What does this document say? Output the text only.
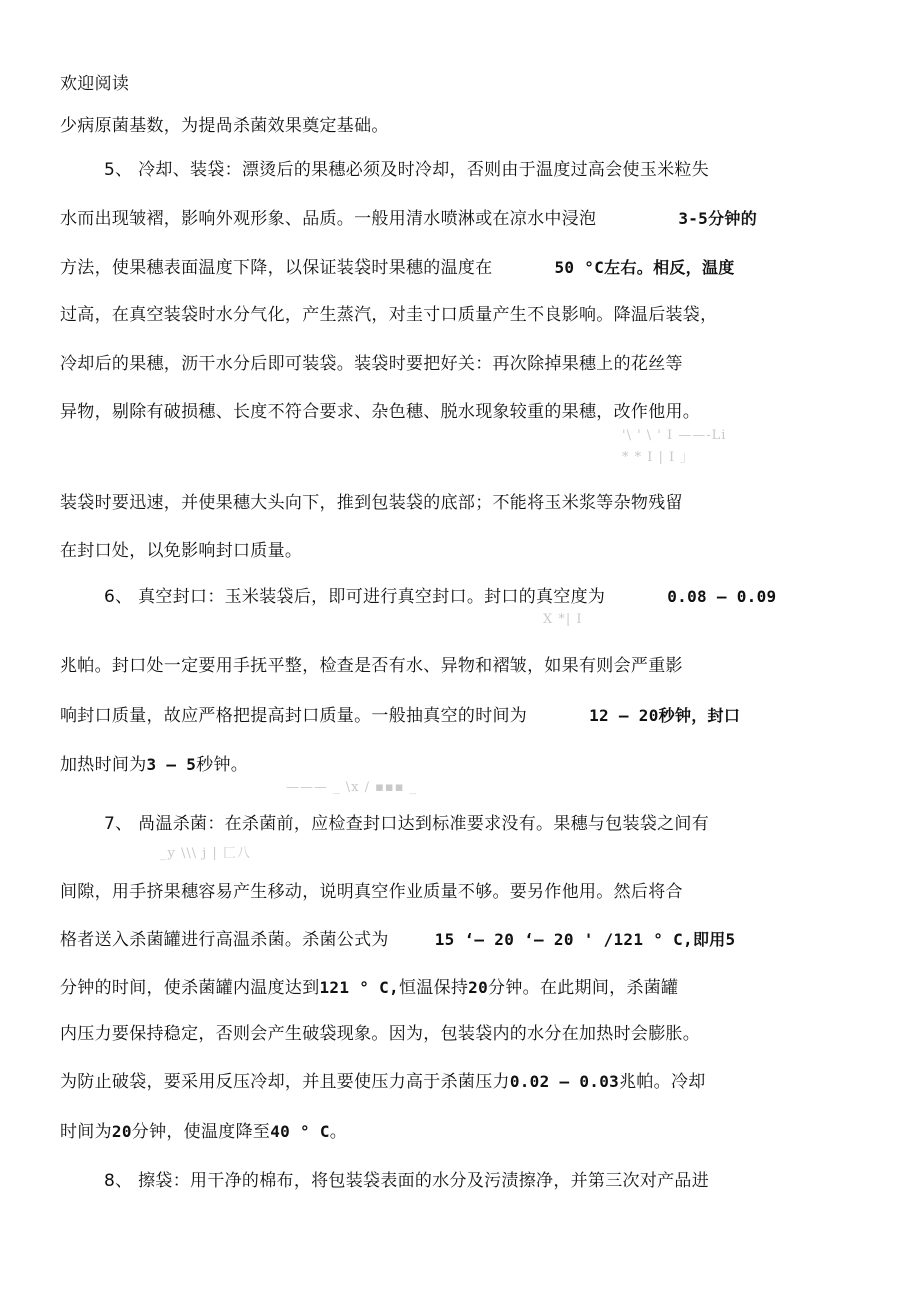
欢迎阅读
少病原菌基数，为提咼杀菌效果奠定基础。
5、 冷却、装袋：漂烫后的果穗必须及时冷却，否则由于温度过高会使玉米粒失
水而出现皱褶，影响外观形象、品质。一般用清水喷淋或在凉水中浸泡	3-5分钟的
方法，使果穗表面温度下降，以保证装袋时果穗的温度在	50 °C左右。相反，温度
过高，在真空装袋时水分气化，产生蒸汽，对圭寸口质量产生不良影响。降温后装袋，
冷却后的果穗，沥干水分后即可装袋。装袋时要把好关：再次除掉果穗上的花丝等
异物，剔除有破损穗、长度不符合要求、杂色穗、脱水现象较重的果穗，改作他用。
'\ ' \ ' I ——-Li
* * I | I 」
装袋时要迅速，并使果穗大头向下，推到包装袋的底部；不能将玉米浆等杂物残留
在封口处，以免影响封口质量。
6、 真空封口：玉米装袋后，即可进行真空封口。封口的真空度为	0.08 — 0.09
X *| I
兆帕。封口处一定要用手抚平整，检查是否有水、异物和褶皱，如果有则会严重影
响封口质量，故应严格把提高封口质量。一般抽真空的时间为	12 — 20秒钟，封口
加热时间为3 — 5秒钟。
——— _ \x / ▪▪▪ _
7、 咼温杀菌：在杀菌前，应检查封口达到标准要求没有。果穗与包装袋之间有
_y \\\ j | 匚八
间隙，用手挤果穗容易产生移动，说明真空作业质量不够。要另作他用。然后将合
格者送入杀菌罐进行高温杀菌。杀菌公式为	15 ‘— 20 ‘— 20 ' /121 ° C,即用5
分钟的时间，使杀菌罐内温度达到121 ° C,恒温保持20分钟。在此期间，杀菌罐
内压力要保持稳定，否则会产生破袋现象。因为，包装袋内的水分在加热时会膨胀。
为防止破袋，要采用反压冷却，并且要使压力高于杀菌压力0.02 — 0.03兆帕。冷却
时间为20分钟，使温度降至40 ° C。
8、 擦袋：用干净的棉布，将包装袋表面的水分及污渍擦净，并第三次对产品进
